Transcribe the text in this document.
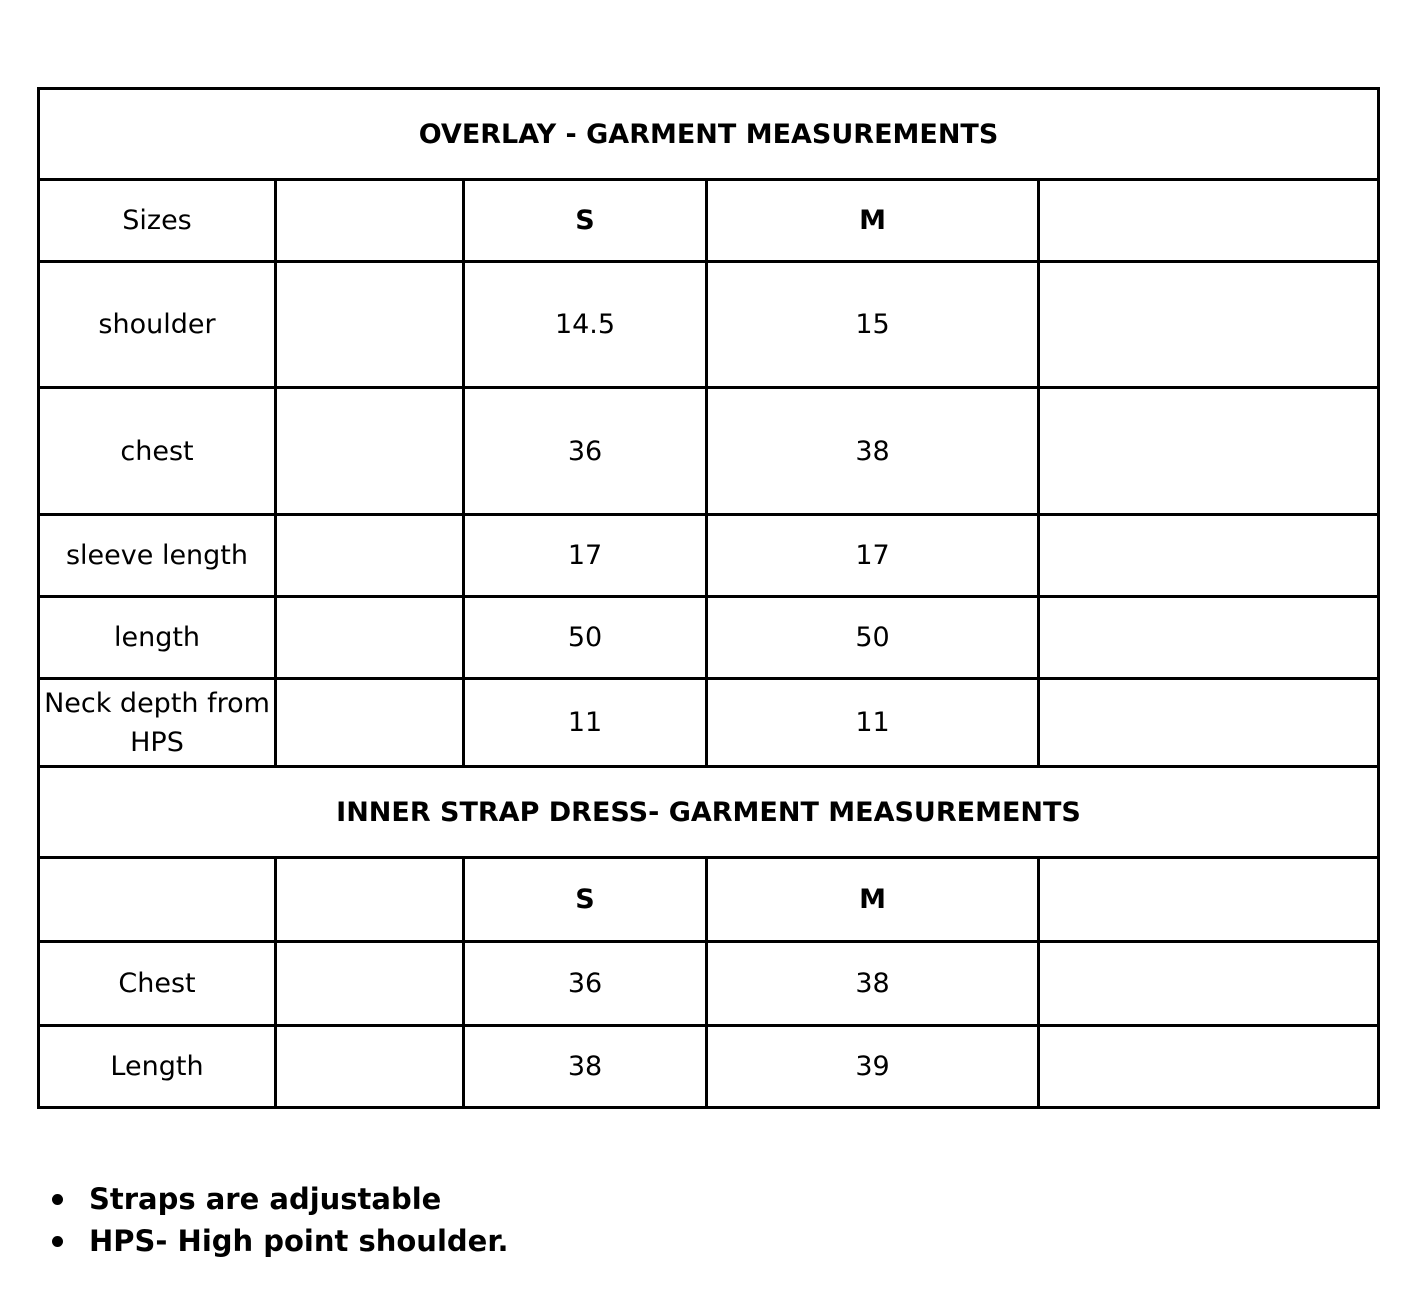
OVERLAY - GARMENT MEASUREMENTS				
Sizes		S	M	
shoulder		14.5	15	
chest		36	38	
sleeve length		17	17	
length		50	50	
Neck depth from HPS		11	11	
INNER STRAP DRESS- GARMENT MEASUREMENTS				
		S	M	
Chest		36	38	
Length		38	39	
Straps are adjustable
HPS- High point shoulder.
